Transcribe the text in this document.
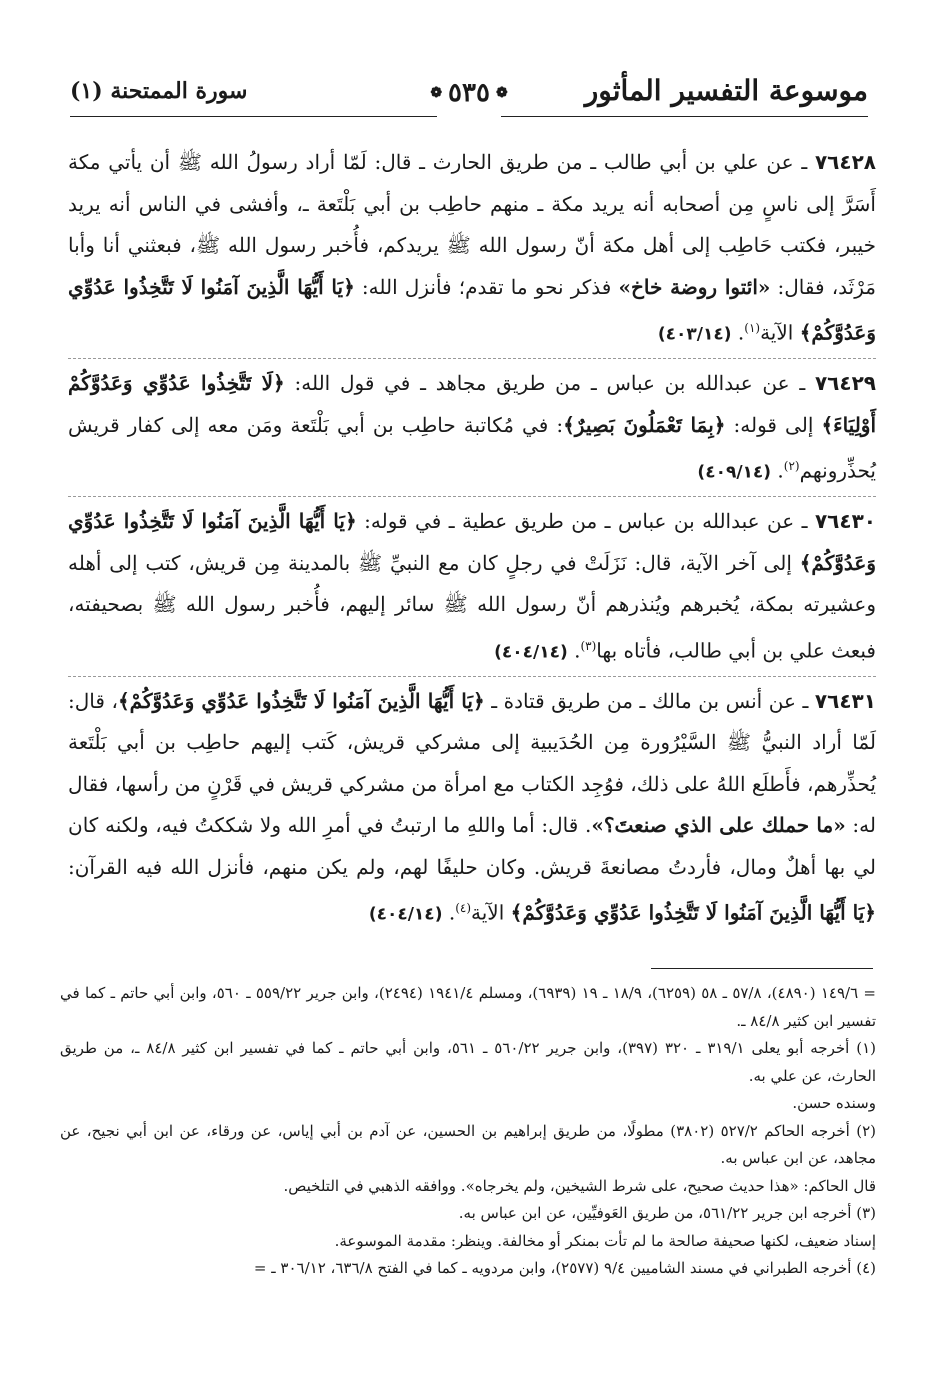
موسوعة التفسير المأثور
❁
٥٣٥
❁
سورة الممتحنة (١)

٧٦٤٢٨ ـ عن علي بن أبي طالب ـ من طريق الحارث ـ قال: لَمّا أراد رسولُ الله ﷺ أن يأتي مكة أَسَرَّ إلى ناسٍ مِن أصحابه أنه يريد مكة ـ منهم حاطِب بن أبي بَلْتَعة ـ، وأفشى في الناس أنه يريد خيبر، فكتب حَاطِب إلى أهل مكة أنّ رسول الله ﷺ يريدكم، فأُخبر رسول الله ﷺ، فبعثني أنا وأبا مَرْثَد، فقال: «ائتوا روضة خاخ» فذكر نحو ما تقدم؛ فأنزل الله: ﴿يَا أَيُّهَا الَّذِينَ آمَنُوا لَا تَتَّخِذُوا عَدُوِّي وَعَدُوَّكُمْ﴾ الآية$^{(١)}$. (٤٠٣/١٤)

٧٦٤٢٩ ـ عن عبدالله بن عباس ـ من طريق مجاهد ـ في قول الله: ﴿لَا تَتَّخِذُوا عَدُوِّي وَعَدُوَّكُمْ أَوْلِيَاءَ﴾ إلى قوله: ﴿بِمَا تَعْمَلُونَ بَصِيرٌ﴾: في مُكاتبة حاطِب بن أبي بَلْتَعة ومَن معه إلى كفار قريش يُحذِّرونهم$^{(٢)}$. (٤٠٩/١٤)

٧٦٤٣٠ ـ عن عبدالله بن عباس ـ من طريق عطية ـ في قوله: ﴿يَا أَيُّهَا الَّذِينَ آمَنُوا لَا تَتَّخِذُوا عَدُوِّي وَعَدُوَّكُمْ﴾ إلى آخر الآية، قال: نَزَلَتْ في رجلٍ كان مع النبيِّ ﷺ بالمدينة مِن قريش، كتب إلى أهله وعشيرته بمكة، يُخبرهم ويُنذرهم أنّ رسول الله ﷺ سائر إليهم، فأُخبر رسول الله ﷺ بصحيفته، فبعث علي بن أبي طالب، فأتاه بها$^{(٣)}$. (٤٠٤/١٤)

٧٦٤٣١ ـ عن أنس بن مالك ـ من طريق قتادة ـ ﴿يَا أَيُّهَا الَّذِينَ آمَنُوا لَا تَتَّخِذُوا عَدُوِّي وَعَدُوَّكُمْ﴾، قال: لَمّا أراد النبيُّ ﷺ السَّيْرُورة مِن الحُدَيبية إلى مشركي قريش، كَتب إليهم حاطِب بن أبي بَلْتَعة يُحذِّرهم، فأَطلَع اللهُ على ذلك، فوُجِد الكتاب مع امرأة من مشركي قريش في قَرْنٍ من رأسها، فقال له: «ما حملك على الذي صنعتَ؟». قال: أما واللهِ ما ارتبتُ في أمرِ الله ولا شككتُ فيه، ولكنه كان لي بها أهلٌ ومال، فأردتُ مصانعةَ قريش. وكان حليفًا لهم، ولم يكن منهم، فأنزل الله فيه القرآن: ﴿يَا أَيُّهَا الَّذِينَ آمَنُوا لَا تَتَّخِذُوا عَدُوِّي وَعَدُوَّكُمْ﴾ الآية$^{(٤)}$. (٤٠٤/١٤)

= ١٤٩/٦ (٤٨٩٠)، ٥٧/٨ ـ ٥٨ (٦٢٥٩)، ١٨/٩ ـ ١٩ (٦٩٣٩)، ومسلم ١٩٤١/٤ (٢٤٩٤)، وابن جرير ٥٥٩/٢٢ ـ ٥٦٠، وابن أبي حاتم ـ كما في تفسير ابن كثير ٨٤/٨ ـ.

(١) أخرجه أبو يعلى ٣١٩/١ ـ ٣٢٠ (٣٩٧)، وابن جرير ٥٦٠/٢٢ ـ ٥٦١، وابن أبي حاتم ـ كما في تفسير ابن كثير ٨٤/٨ ـ، من طريق الحارث، عن علي به.

وسنده حسن.

(٢) أخرجه الحاكم ٥٢٧/٢ (٣٨٠٢) مطولًا، من طريق إبراهيم بن الحسين، عن آدم بن أبي إياس، عن ورقاء، عن ابن أبي نجيح، عن مجاهد، عن ابن عباس به.

قال الحاكم: «هذا حديث صحيح، على شرط الشيخين، ولم يخرجاه». ووافقه الذهبي في التلخيص.

(٣) أخرجه ابن جرير ٥٦١/٢٢، من طريق العَوفيِّين، عن ابن عباس به.

إسناد ضعيف، لكنها صحيفة صالحة ما لم تأت بمنكر أو مخالفة. وينظر: مقدمة الموسوعة.

(٤) أخرجه الطبراني في مسند الشاميين ٩/٤ (٢٥٧٧)، وابن مردويه ـ كما في الفتح ٦٣٦/٨، ٣٠٦/١٢ ـ =
